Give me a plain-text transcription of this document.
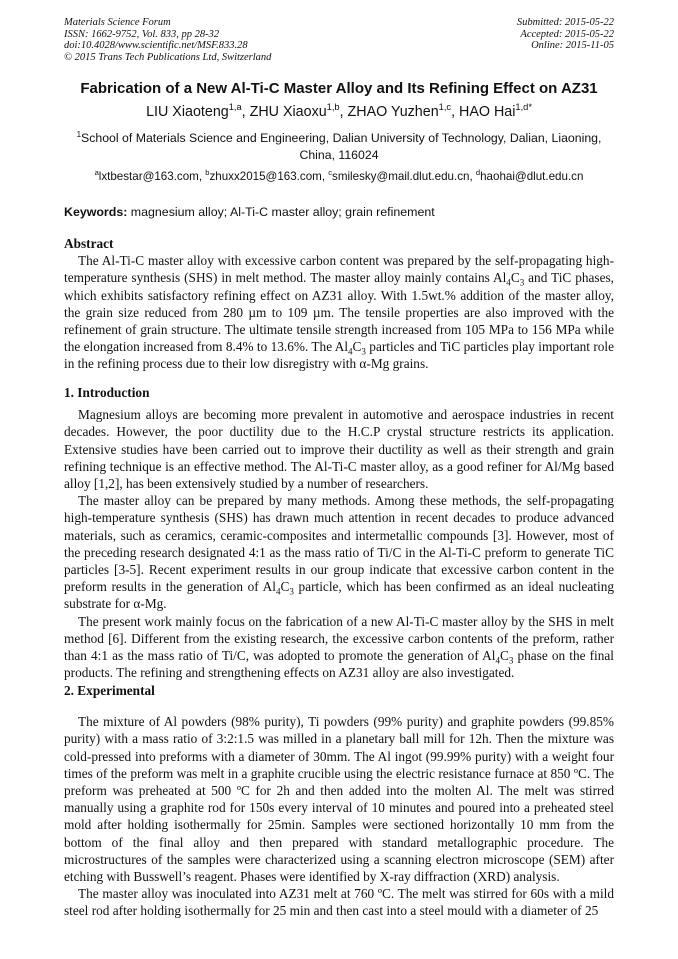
Materials Science Forum
ISSN: 1662-9752, Vol. 833, pp 28-32
doi:10.4028/www.scientific.net/MSF.833.28
© 2015 Trans Tech Publications Ltd, Switzerland
Submitted: 2015-05-22
Accepted: 2015-05-22
Online: 2015-11-05
Fabrication of a New Al-Ti-C Master Alloy and Its Refining Effect on AZ31
LIU Xiaoteng$^{1,a}$, ZHU Xiaoxu$^{1,b}$, ZHAO Yuzhen$^{1,c}$, HAO Hai$^{1,d*}$
$^1$School of Materials Science and Engineering, Dalian University of Technology, Dalian, Liaoning, China, 116024
$^a$lxtbestar@163.com, $^b$zhuxx2015@163.com, $^c$smilesky@mail.dlut.edu.cn, $^d$haohai@dlut.edu.cn
Keywords: magnesium alloy; Al-Ti-C master alloy; grain refinement
Abstract

The Al-Ti-C master alloy with excessive carbon content was prepared by the self-propagating high-temperature synthesis (SHS) in melt method. The master alloy mainly contains $Al_4C_3$ and TiC phases, which exhibits satisfactory refining effect on AZ31 alloy. With 1.5wt.% addition of the master alloy, the grain size reduced from 280 µm to 109 µm. The tensile properties are also improved with the refinement of grain structure. The ultimate tensile strength increased from 105 MPa to 156 MPa while the elongation increased from 8.4% to 13.6%. The $Al_4C_3$ particles and TiC particles play important role in the refining process due to their low disregistry with α-Mg grains.

1. Introduction

Magnesium alloys are becoming more prevalent in automotive and aerospace industries in recent decades. However, the poor ductility due to the H.C.P crystal structure restricts its application. Extensive studies have been carried out to improve their ductility as well as their strength and grain refining technique is an effective method. The Al-Ti-C master alloy, as a good refiner for Al/Mg based alloy [1,2], has been extensively studied by a number of researchers.

The master alloy can be prepared by many methods. Among these methods, the self-propagating high-temperature synthesis (SHS) has drawn much attention in recent decades to produce advanced materials, such as ceramics, ceramic-composites and intermetallic compounds [3]. However, most of the preceding research designated 4:1 as the mass ratio of Ti/C in the Al-Ti-C preform to generate TiC particles [3-5]. Recent experiment results in our group indicate that excessive carbon content in the preform results in the generation of $Al_4C_3$ particle, which has been confirmed as an ideal nucleating substrate for α-Mg.

The present work mainly focus on the fabrication of a new Al-Ti-C master alloy by the SHS in melt method [6]. Different from the existing research, the excessive carbon contents of the preform, rather than 4:1 as the mass ratio of Ti/C, was adopted to promote the generation of $Al_4C_3$ phase on the final products. The refining and strengthening effects on AZ31 alloy are also investigated.

2. Experimental

The mixture of Al powders (98% purity), Ti powders (99% purity) and graphite powders (99.85% purity) with a mass ratio of 3:2:1.5 was milled in a planetary ball mill for 12h. Then the mixture was cold-pressed into preforms with a diameter of 30mm. The Al ingot (99.99% purity) with a weight four times of the preform was melt in a graphite crucible using the electric resistance furnace at 850 ºC. The preform was preheated at 500 ºC for 2h and then added into the molten Al. The melt was stirred manually using a graphite rod for 150s every interval of 10 minutes and poured into a preheated steel mold after holding isothermally for 25min. Samples were sectioned horizontally 10 mm from the bottom of the final alloy and then prepared with standard metallographic procedure. The microstructures of the samples were characterized using a scanning electron microscope (SEM) after etching with Busswell’s reagent. Phases were identified by X-ray diffraction (XRD) analysis.

The master alloy was inoculated into AZ31 melt at 760 ºC. The melt was stirred for 60s with a mild steel rod after holding isothermally for 25 min and then cast into a steel mould with a diameter of 25
